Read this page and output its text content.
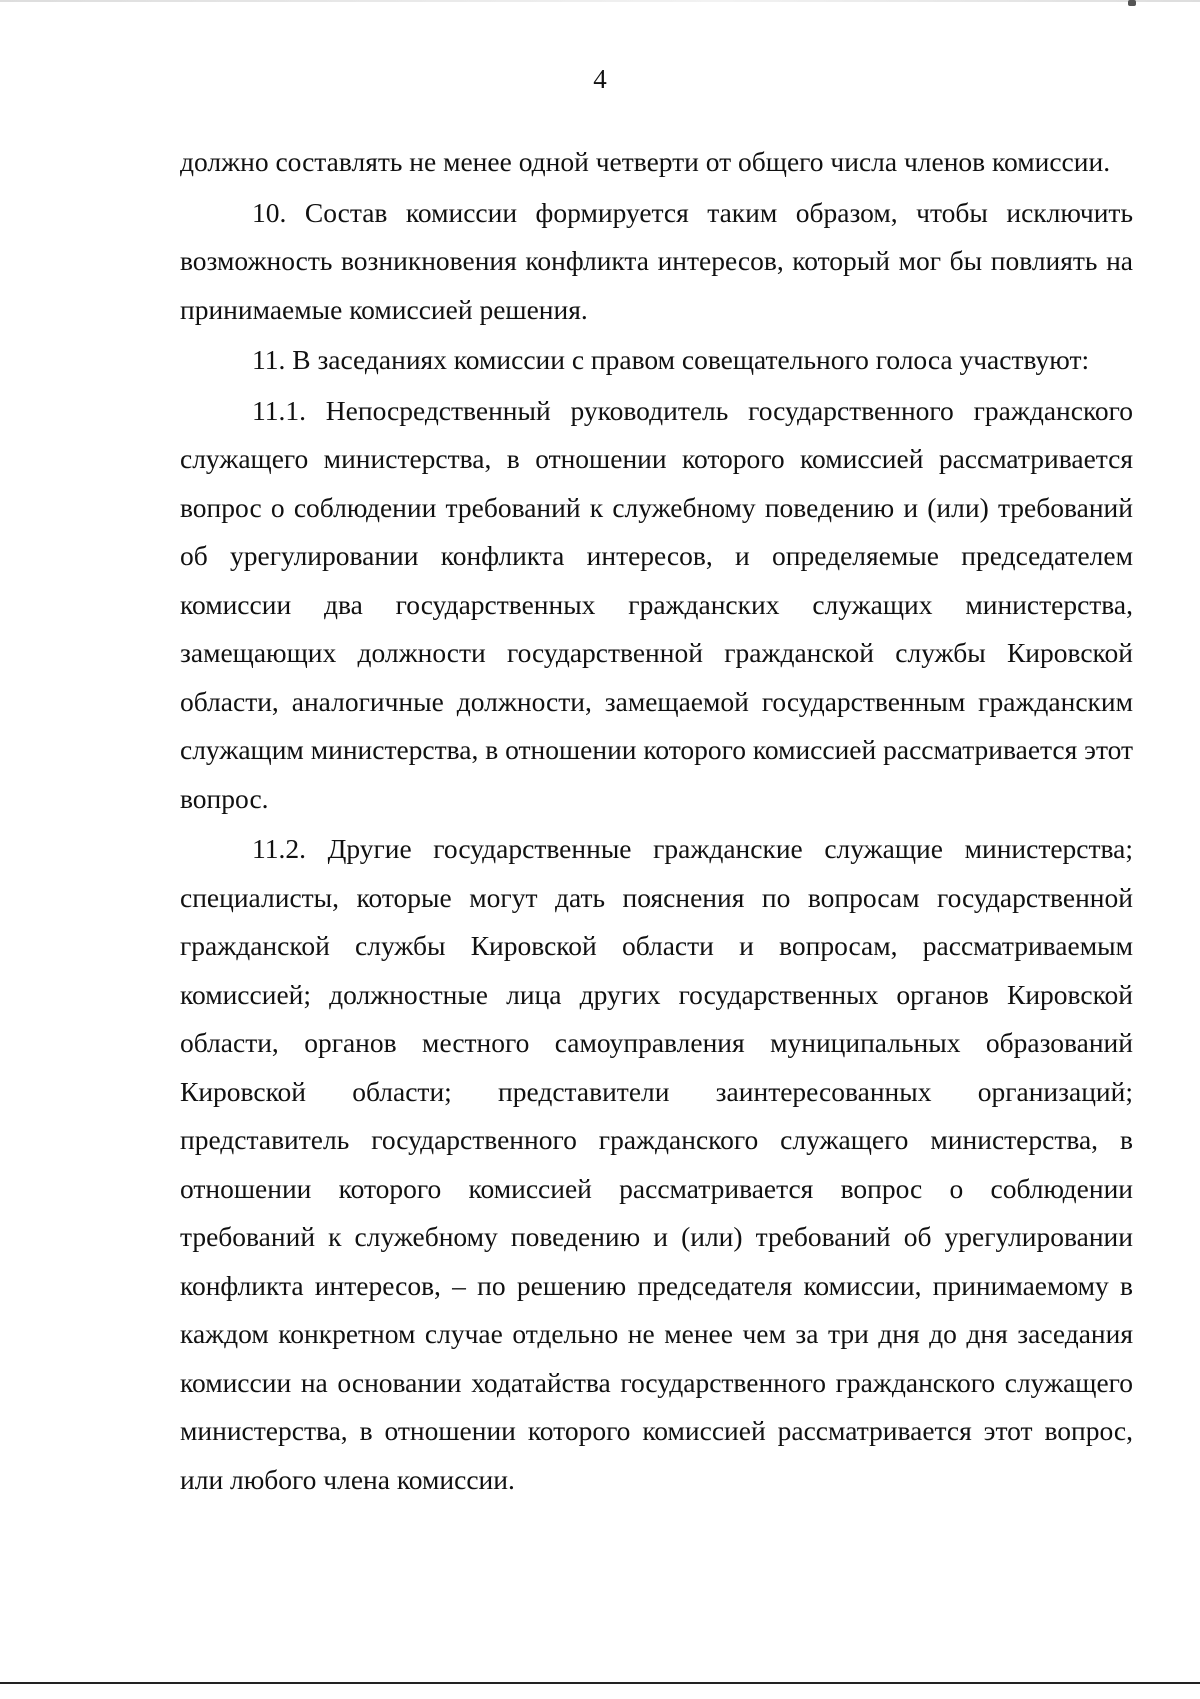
4

должно составлять не менее одной четверти от общего числа членов комиссии.

10. Состав комиссии формируется таким образом, чтобы исключить возможность возникновения конфликта интересов, который мог бы повлиять на принимаемые комиссией решения.

11. В заседаниях комиссии с правом совещательного голоса участвуют:

11.1. Непосредственный руководитель государственного гражданского служащего министерства, в отношении которого комиссией рассматривается вопрос о соблюдении требований к служебному поведению и (или) требований об урегулировании конфликта интересов, и определяемые председателем комиссии два государственных гражданских служащих министерства, замещающих должности государственной гражданской службы Кировской области, аналогичные должности, замещаемой государственным гражданским служащим министерства, в отношении которого комиссией рассматривается этот вопрос.

11.2. Другие государственные гражданские служащие министерства; специалисты, которые могут дать пояснения по вопросам государственной гражданской службы Кировской области и вопросам, рассматриваемым комиссией; должностные лица других государственных органов Кировской области, органов местного самоуправления муниципальных образований Кировской области; представители заинтересованных организаций; представитель государственного гражданского служащего министерства, в отношении которого комиссией рассматривается вопрос о соблюдении требований к служебному поведению и (или) требований об урегулировании конфликта интересов, – по решению председателя комиссии, принимаемому в каждом конкретном случае отдельно не менее чем за три дня до дня заседания комиссии на основании ходатайства государственного гражданского служащего министерства, в отношении которого комиссией рассматривается этот вопрос, или любого члена комиссии.
